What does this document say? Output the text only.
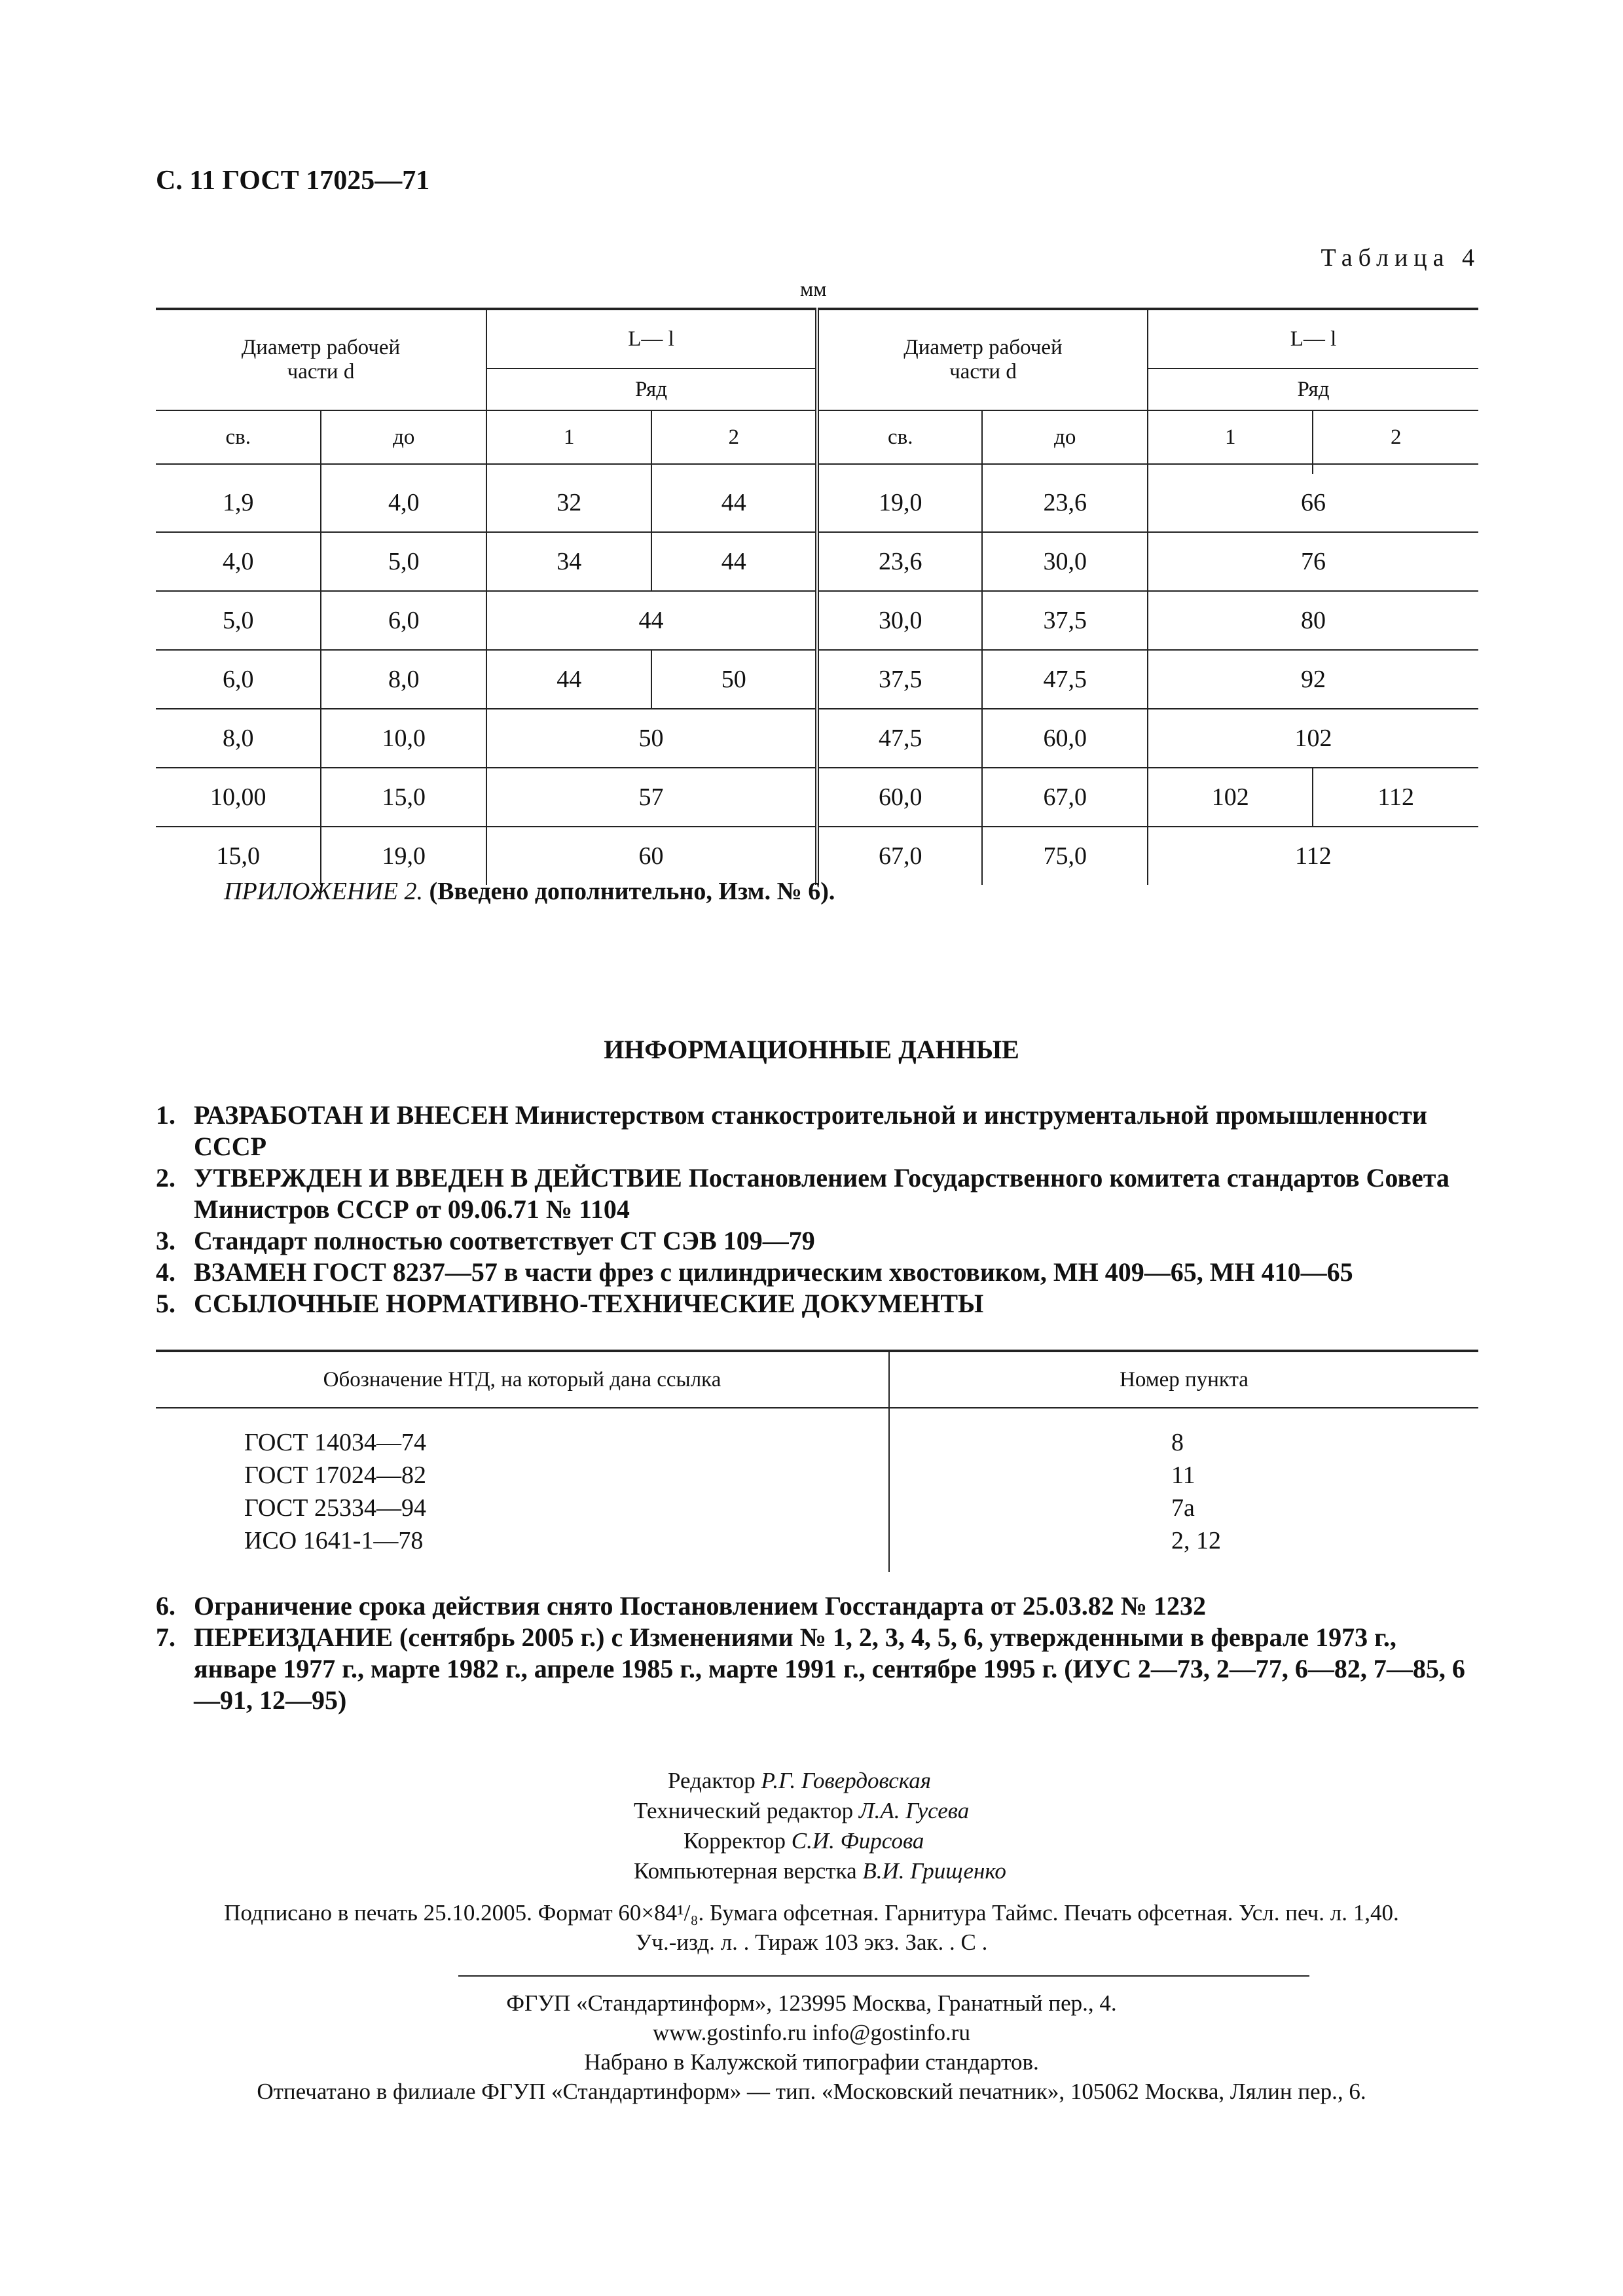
С. 11 ГОСТ 17025—71
Таблица 4
мм
Диаметр рабочей
части d		L— l		Диаметр рабочей
части d		L— l	
		Ряд				Ряд	
св.	до	1	2	св.	до	1	2

1,9	4,0	32	44	19,0	23,6	66	
4,0	5,0	34	44	23,6	30,0	76	
5,0	6,0	44		30,0	37,5	80	
6,0	8,0	44	50	37,5	47,5	92	
8,0	10,0	50		47,5	60,0	102	
10,00	15,0	57		60,0	67,0	102	112
15,0	19,0	60		67,0	75,0	112	
ПРИЛОЖЕНИЕ 2. (Введено дополнительно, Изм. № 6).
ИНФОРМАЦИОННЫЕ ДАННЫЕ
1. РАЗРАБОТАН И ВНЕСЕН Министерством станкостроительной и инструментальной промышленности СССР
2. УТВЕРЖДЕН И ВВЕДЕН В ДЕЙСТВИЕ Постановлением Государственного комитета стандартов Совета Министров СССР от 09.06.71 № 1104
3. Стандарт полностью соответствует СТ СЭВ 109—79
4. ВЗАМЕН ГОСТ 8237—57 в части фрез с цилиндрическим хвостовиком, МН 409—65, МН 410—65
5. ССЫЛОЧНЫЕ НОРМАТИВНО-ТЕХНИЧЕСКИЕ ДОКУМЕНТЫ
Обозначение НТД, на который дана ссылка	Номер пункта

ГОСТ 14034—74	8
ГОСТ 17024—82	11
ГОСТ 25334—94	7а
ИСО 1641-1—78	2, 12

6. Ограничение срока действия снято Постановлением Госстандарта от 25.03.82 № 1232
7. ПЕРЕИЗДАНИЕ (сентябрь 2005 г.) с Изменениями № 1, 2, 3, 4, 5, 6, утвержденными в феврале 1973 г., январе 1977 г., марте 1982 г., апреле 1985 г., марте 1991 г., сентябре 1995 г. (ИУС 2—73, 2—77, 6—82, 7—85, 6—91, 12—95)
Редактор Р.Г. Говердовская
Технический редактор Л.А. Гусева
Корректор С.И. Фирсова
Компьютерная верстка В.И. Грищенко
Подписано в печать 25.10.2005. Формат 60×84¹/₈. Бумага офсетная. Гарнитура Таймс. Печать офсетная. Усл. печ. л. 1,40.
Уч.-изд. л. . Тираж 103 экз. Зак. . С .
ФГУП «Стандартинформ», 123995 Москва, Гранатный пер., 4.
www.gostinfo.ru info@gostinfo.ru
Набрано в Калужской типографии стандартов.
Отпечатано в филиале ФГУП «Стандартинформ» — тип. «Московский печатник», 105062 Москва, Лялин пер., 6.
